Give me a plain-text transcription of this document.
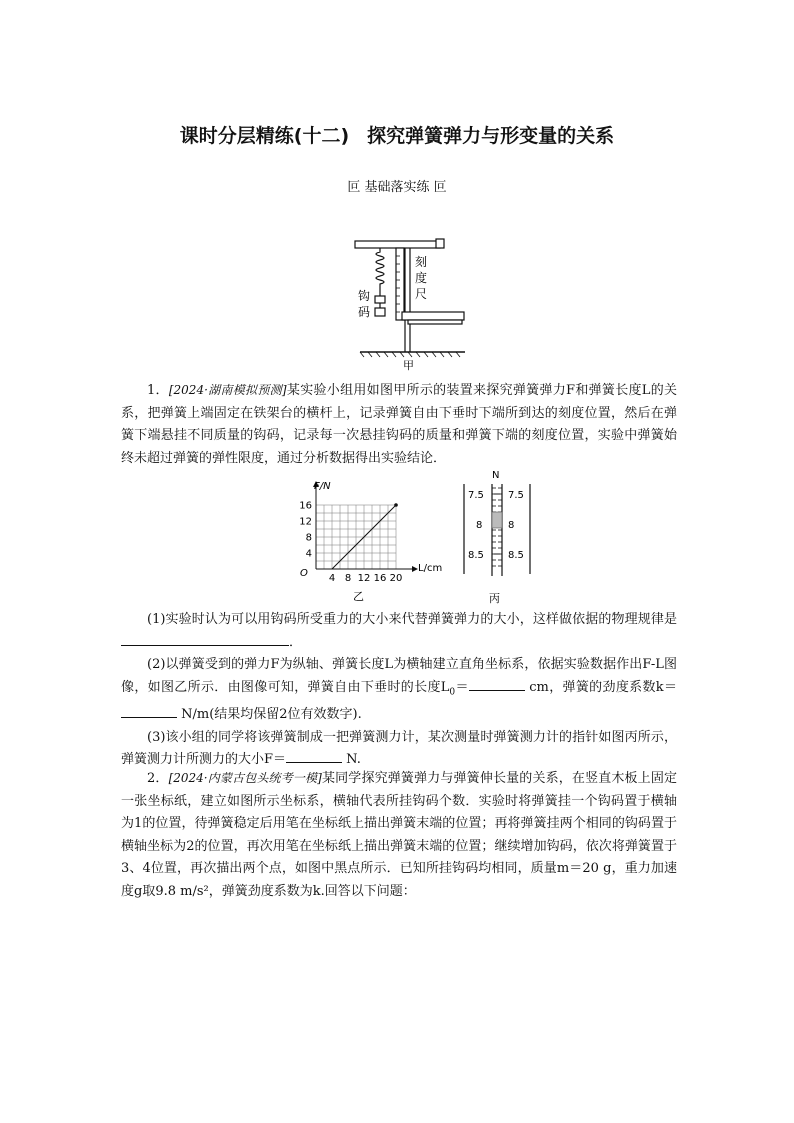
课时分层精练(十二) 探究弹簧弹力与形变量的关系
叵 基础落实练 叵
刻
度
尺
钩
码
甲

1．[2024·湖南模拟预测]某实验小组用如图甲所示的装置来探究弹簧弹力F和弹簧长度L的关系，把弹簧上端固定在铁架台的横杆上，记录弹簧自由下垂时下端所到达的刻度位置，然后在弹簧下端悬挂不同质量的钩码，记录每一次悬挂钩码的质量和弹簧下端的刻度位置，实验中弹簧始终未超过弹簧的弹性限度，通过分析数据得出实验结论．

4 8 12 16 20
4
8
12
16
F/N
L/cm
O
乙
N
7.5
8
8.5
7.5
8
8.5
丙

(1)实验时认为可以用钩码所受重力的大小来代替弹簧弹力的大小，这样做依据的物理规律是．

(2)以弹簧受到的弹力F为纵轴、弹簧长度L为横轴建立直角坐标系，依据实验数据作出F-L图像，如图乙所示．由图像可知，弹簧自由下垂时的长度$L_0=$	cm，弹簧的劲度系数k＝ N/m(结果均保留2位有效数字).

(3)该小组的同学将该弹簧制成一把弹簧测力计，某次测量时弹簧测力计的指针如图丙所示，弹簧测力计所测力的大小F＝	N.

2．[2024·内蒙古包头统考一模]某同学探究弹簧弹力与弹簧伸长量的关系，在竖直木板上固定一张坐标纸，建立如图所示坐标系，横轴代表所挂钩码个数．实验时将弹簧挂一个钩码置于横轴为1的位置，待弹簧稳定后用笔在坐标纸上描出弹簧末端的位置；再将弹簧挂两个相同的钩码置于横轴坐标为2的位置，再次用笔在坐标纸上描出弹簧末端的位置；继续增加钩码，依次将弹簧置于3、4位置，再次描出两个点，如图中黑点所示．已知所挂钩码均相同，质量m＝20 g，重力加速度g取9.8 m/s²，弹簧劲度系数为k.回答以下问题：
